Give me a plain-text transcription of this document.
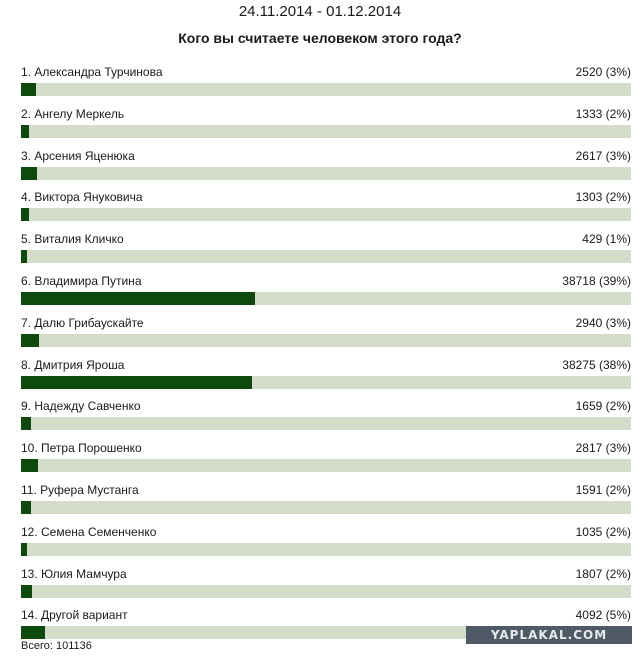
24.11.2014 - 01.12.2014
Кого вы считаете человеком этого года?
1. Александра Турчинова	2520 (3%)
2. Ангелу Меркель	1333 (2%)
3. Арсения Яценюка	2617 (3%)
4. Виктора Януковича	1303 (2%)
5. Виталия Кличко	429 (1%)
6. Владимира Путина	38718 (39%)
7. Далю Грибаускайте	2940 (3%)
8. Дмитрия Яроша	38275 (38%)
9. Надежду Савченко	1659 (2%)
10. Петра Порошенко	2817 (3%)
11. Руфера Мустанга	1591 (2%)
12. Семена Семенченко	1035 (2%)
13. Юлия Мамчура	1807 (2%)
14. Другой вариант	4092 (5%)
Всего: 101136
YAPLAKAL.COM
